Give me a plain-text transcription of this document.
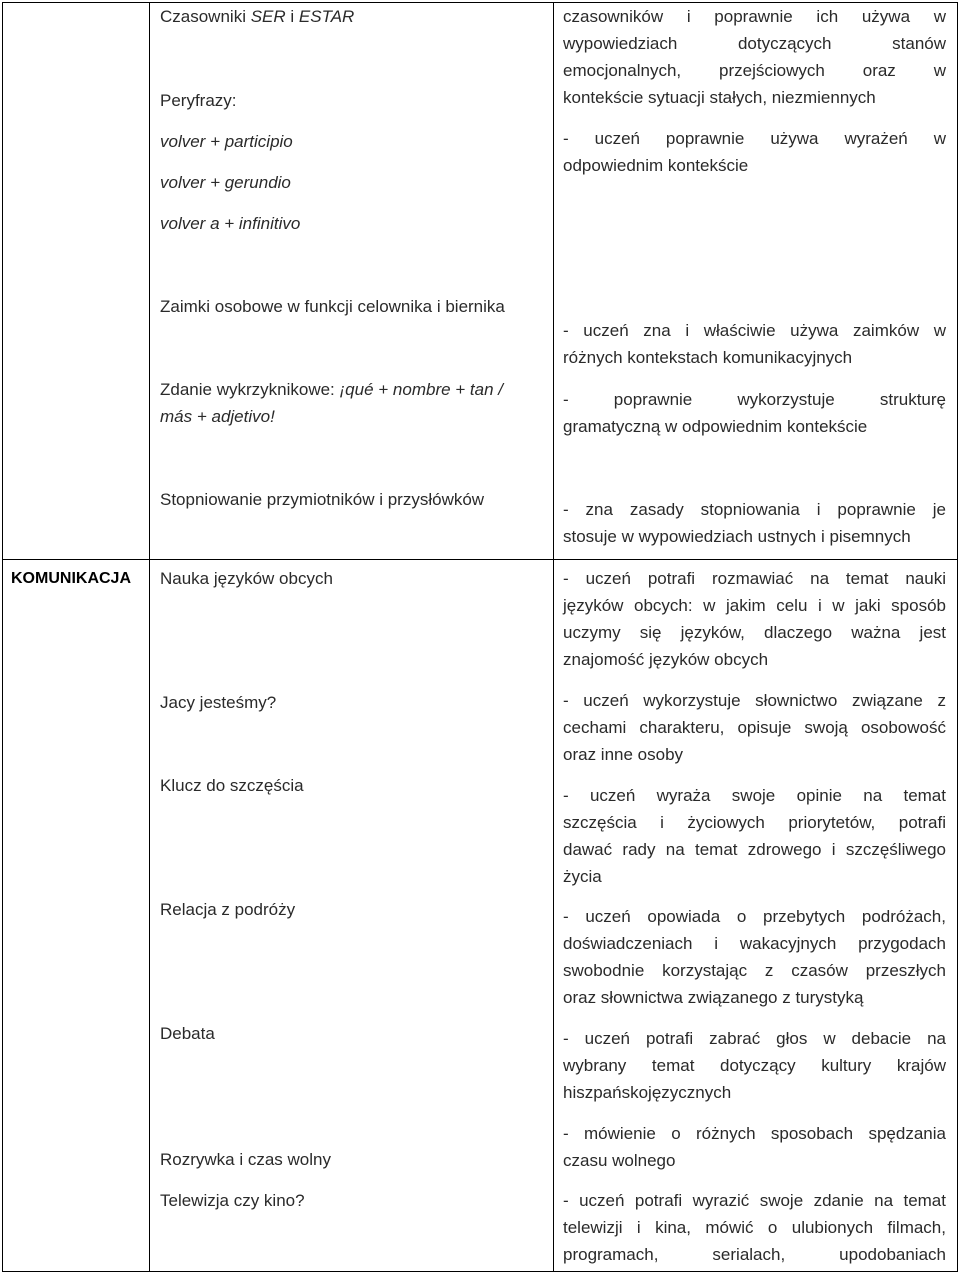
KOMUNIKACJA
Czasowniki SER i ESTAR
Peryfrazy:
volver + participio
volver + gerundio
volver a + infinitivo
Zaimki osobowe w funkcji celownika i biernika
Zdanie wykrzyknikowe: ¡qué + nombre + tan /
más + adjetivo!
Stopniowanie przymiotników i przysłówków
Nauka języków obcych
Jacy jesteśmy?
Klucz do szczęścia
Relacja z podróży
Debata
Rozrywka i czas wolny
Telewizja czy kino?
czasowników i poprawnie ich używa w
wypowiedziach dotyczących stanów
emocjonalnych, przejściowych oraz w
kontekście sytuacji stałych, niezmiennych
- uczeń poprawnie używa wyrażeń w
odpowiednim kontekście
- uczeń zna i właściwie używa zaimków w
różnych kontekstach komunikacyjnych
- poprawnie wykorzystuje strukturę
gramatyczną w odpowiednim kontekście
- zna zasady stopniowania i poprawnie je
stosuje w wypowiedziach ustnych i pisemnych
- uczeń potrafi rozmawiać na temat nauki
języków obcych: w jakim celu i w jaki sposób
uczymy się języków, dlaczego ważna jest
znajomość języków obcych
- uczeń wykorzystuje słownictwo związane z
cechami charakteru, opisuje swoją osobowość
oraz inne osoby
- uczeń wyraża swoje opinie na temat
szczęścia i życiowych priorytetów, potrafi
dawać rady na temat zdrowego i szczęśliwego
życia
- uczeń opowiada o przebytych podróżach,
doświadczeniach i wakacyjnych przygodach
swobodnie korzystając z czasów przeszłych
oraz słownictwa związanego z turystyką
- uczeń potrafi zabrać głos w debacie na
wybrany temat dotyczący kultury krajów
hiszpańskojęzycznych
- mówienie o różnych sposobach spędzania
czasu wolnego
- uczeń potrafi wyrazić swoje zdanie na temat
telewizji i kina, mówić o ulubionych filmach,
programach, serialach, upodobaniach
